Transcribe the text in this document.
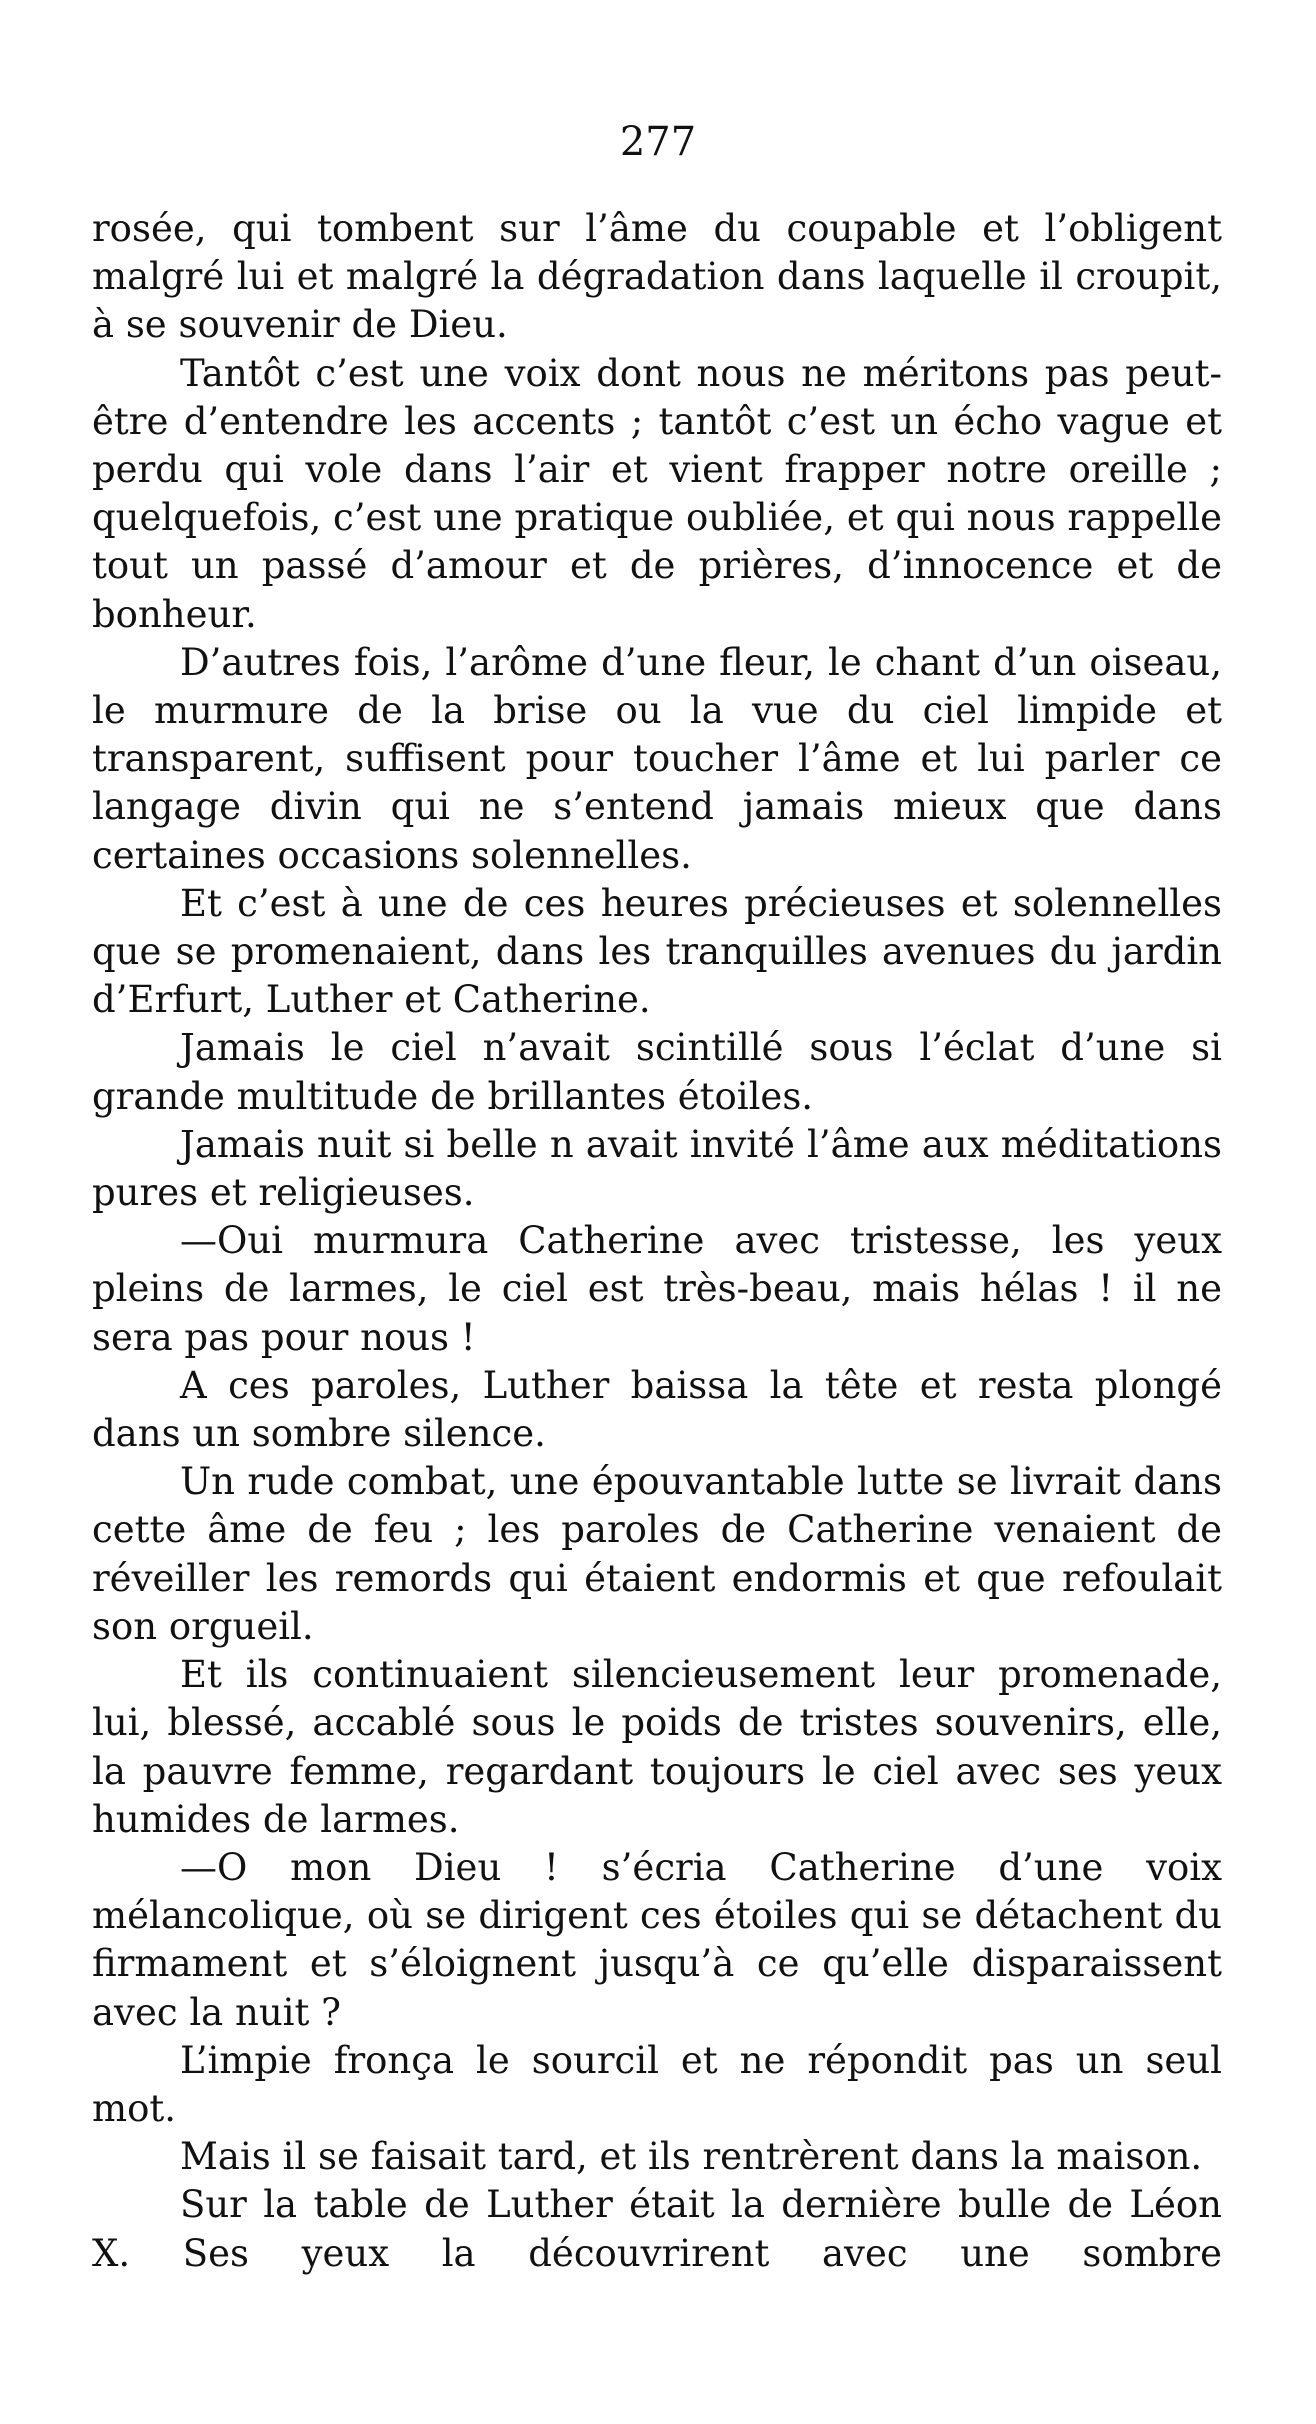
277

rosée, qui tombent sur l’âme du coupable et l’obligent malgré lui et malgré la dégradation dans laquelle il croupit, à se souvenir de Dieu.

Tantôt c’est une voix dont nous ne méritons pas peut-être d’entendre les accents ; tantôt c’est un écho vague et perdu qui vole dans l’air et vient frapper notre oreille ; quelquefois, c’est une pratique oubliée, et qui nous rappelle tout un passé d’amour et de prières, d’innocence et de bonheur.

D’autres fois, l’arôme d’une fleur, le chant d’un oiseau, le murmure de la brise ou la vue du ciel limpide et transparent, suffisent pour toucher l’âme et lui parler ce langage divin qui ne s’entend jamais mieux que dans certaines occasions solennelles.

Et c’est à une de ces heures précieuses et solennelles que se promenaient, dans les tranquilles avenues du jardin d’Erfurt, Luther et Catherine.

Jamais le ciel n’avait scintillé sous l’éclat d’une si grande multitude de brillantes étoiles.

Jamais nuit si belle n avait invité l’âme aux méditations pures et religieuses.

—Oui murmura Catherine avec tristesse, les yeux pleins de larmes, le ciel est très-beau, mais hélas ! il ne sera pas pour nous !

A ces paroles, Luther baissa la tête et resta plongé dans un sombre silence.

Un rude combat, une épouvantable lutte se livrait dans cette âme de feu ; les paroles de Catherine venaient de réveiller les remords qui étaient endormis et que refoulait son orgueil.

Et ils continuaient silencieusement leur promenade, lui, blessé, accablé sous le poids de tristes souvenirs, elle, la pauvre femme, regardant toujours le ciel avec ses yeux humides de larmes.

—O mon Dieu ! s’écria Catherine d’une voix mélancolique, où se dirigent ces étoiles qui se détachent du firmament et s’éloignent jusqu’à ce qu’elle disparaissent avec la nuit ?

L’impie fronça le sourcil et ne répondit pas un seul mot.

Mais il se faisait tard, et ils rentrèrent dans la maison.

Sur la table de Luther était la dernière bulle de Léon X. Ses yeux la découvrirent avec une sombre
